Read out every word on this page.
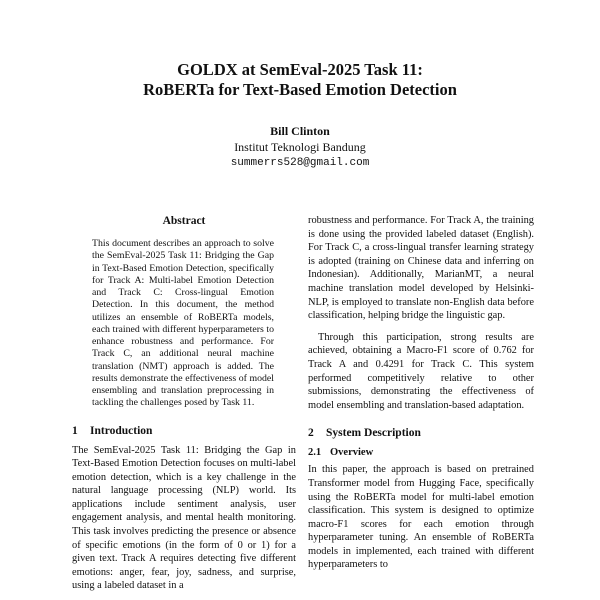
GOLDX at SemEval-2025 Task 11:

RoBERTa for Text-Based Emotion Detection

Bill Clinton
Institut Teknologi Bandung
summerrs528@gmail.com
Abstract

This document describes an approach to solve the SemEval-2025 Task 11: Bridging the Gap in Text-Based Emotion Detection, specifically for Track A: Multi-label Emotion Detection and Track C: Cross-lingual Emotion Detection. In this document, the method utilizes an ensemble of RoBERTa models, each trained with different hyperparameters to enhance robustness and performance. For Track C, an additional neural machine translation (NMT) approach is added. The results demonstrate the effectiveness of model ensembling and translation preprocessing in tackling the challenges posed by Task 11.

1 Introduction

The SemEval-2025 Task 11: Bridging the Gap in Text-Based Emotion Detection focuses on multi-label emotion detection, which is a key challenge in the natural language processing (NLP) world. Its applications include sentiment analysis, user engagement analysis, and mental health monitoring. This task involves predicting the presence or absence of specific emotions (in the form of 0 or 1) for a given text. Track A requires detecting five different emotions: anger, fear, joy, sadness, and surprise, using a labeled dataset in a

robustness and performance. For Track A, the training is done using the provided labeled dataset (English). For Track C, a cross-lingual transfer learning strategy is adopted (training on Chinese data and inferring on Indonesian). Additionally, MarianMT, a neural machine translation model developed by Helsinki-NLP, is employed to translate non-English data before classification, helping bridge the linguistic gap.

Through this participation, strong results are achieved, obtaining a Macro-F1 score of 0.762 for Track A and 0.4291 for Track C. This system performed competitively relative to other submissions, demonstrating the effectiveness of model ensembling and translation-based adaptation.

2 System Description
2.1 Overview

In this paper, the approach is based on pretrained Transformer model from Hugging Face, specifically using the RoBERTa model for multi-label emotion classification. This system is designed to optimize macro-F1 scores for each emotion through hyperparameter tuning. An ensemble of RoBERTa models in implemented, each trained with different hyperparameters to
